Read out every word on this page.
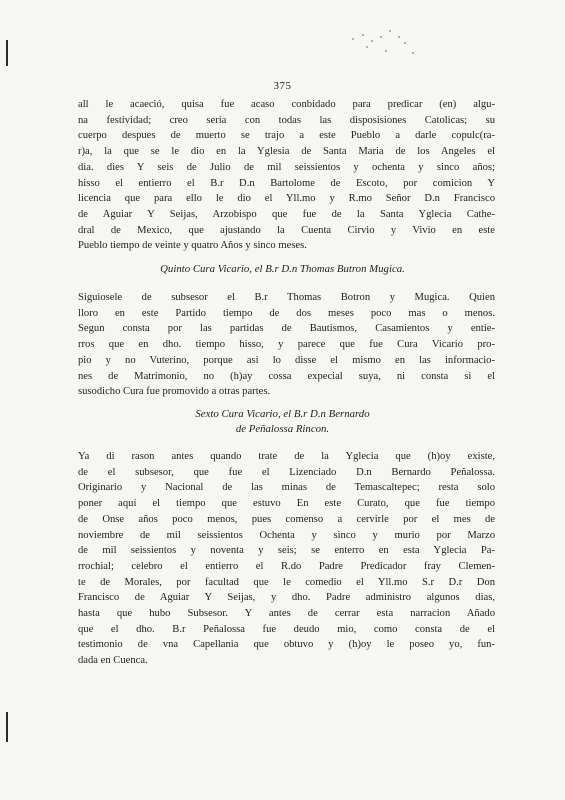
375
all le acaeció, quisa fue acaso conbidado para predicar (en) algu-
na festividad; creo seria con todas las disposisiones Catolicas; su
cuerpo despues de muerto se trajo a este Pueblo a darle copulc(ra-
r)a, la que se le dio en la Yglesia de Santa Maria de los Angeles el
dia. dies Y seis de Julio de mil seissientos y ochenta y sinco años;
hisso el entierro el B.r D.n Bartolome de Escoto, por comicion Y
licencia que para ello le dio el Yll.mo y R.mo Señor D.n Francisco
de Aguiar Y Seijas, Arzobispo que fue de la Santa Yglecia Cathe-
dral de Mexico, que ajustando la Cuenta Cirvio y Vivio en este
Pueblo tiempo de veinte y quatro Años y sinco meses.
Quinto Cura Vicario, el B.r D.n Thomas Butron Mugica.
Siguiosele de subsesor el B.r Thomas Botron y Mugica. Quien
lloro en este Partido tiempo de dos meses poco mas o menos.
Segun consta por las partidas de Bautismos, Casamientos y entie-
rros que en dho. tiempo hisso, y parece que fue Cura Vicario pro-
pio y no Vuterino, porque asi lo disse el mismo en las informacio-
nes de Matrimonio, no (h)ay cossa expecial suya, ni consta si el
susodicho Cura fue promovido a otras partes.
Sexto Cura Vicario, el B.r D.n Bernardo
de Peñalossa Rincon.
Ya di rason antes quando trate de la Yglecia que (h)oy existe,
de el subsesor, que fue el Lizenciado D.n Bernardo Peñalossa.
Originario y Nacional de las minas de Temascaltepec; resta solo
poner aquí el tiempo que estuvo En este Curato, que fue tiempo
de Onse años poco menos, pues comenso a cervirle por el mes de
noviembre de mil seissientos Ochenta y sinco y murio por Marzo
de mil seissientos y noventa y seis; se enterro en esta Yglecia Pa-
rrochial; celebro el entierro el R.do Padre Predicador fray Clemen-
te de Morales, por facultad que le comedio el Yll.mo S.r D.r Don
Francisco de Aguiar Y Seijas, y dho. Padre administro algunos dias,
hasta que hubo Subsesor. Y antes de cerrar esta narracion Añado
que el dho. B.r Peñalossa fue deudo mio, como consta de el
testimonio de vna Capellania que obtuvo y (h)oy le poseo yo, fun-
dada en Cuenca.
